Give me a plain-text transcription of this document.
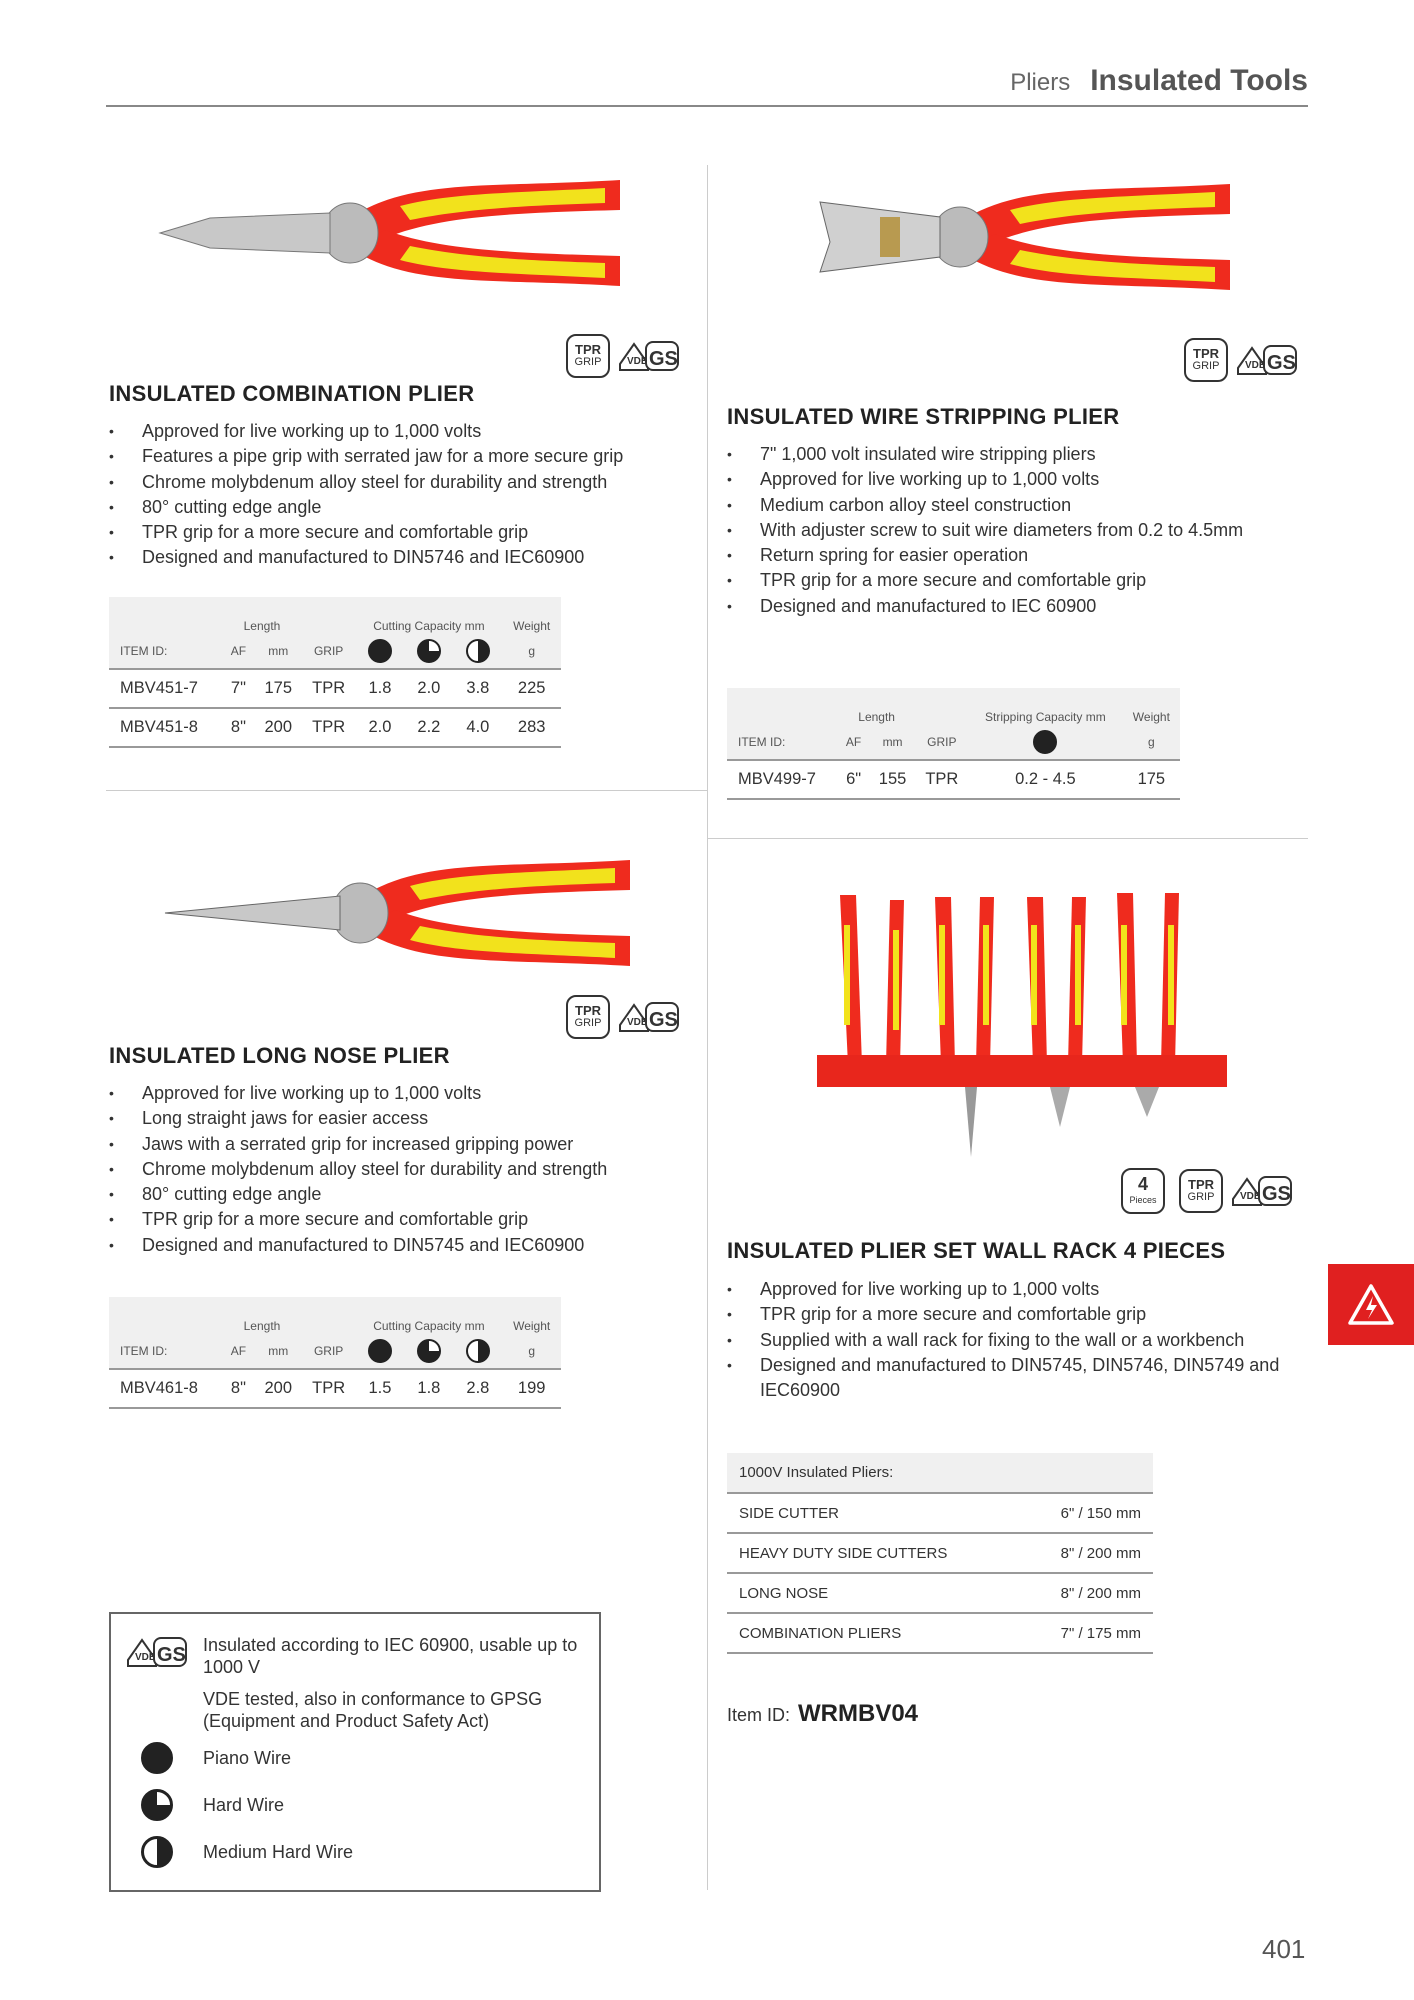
Pliers Insulated Tools
TPR
GRIP
INSULATED COMBINATION PLIER
• Approved for live working up to 1,000 volts
• Features a pipe grip with serrated jaw for a more secure grip
• Chrome molybdenum alloy steel for durability and strength
• 80° cutting edge angle
• TPR grip for a more secure and comfortable grip
• Designed and manufactured to DIN5746 and IEC60900
	Length			Cutting Capacity mm			Weight
ITEM ID:	AF	mm	GRIP				g
MBV451-7	7"	175	TPR	1.8	2.0	3.8	225
MBV451-8	8"	200	TPR	2.0	2.2	4.0	283
TPR
GRIP
INSULATED WIRE STRIPPING PLIER
• 7" 1,000 volt insulated wire stripping pliers
• Approved for live working up to 1,000 volts
• Medium carbon alloy steel construction
• With adjuster screw to suit wire diameters from 0.2 to 4.5mm
• Return spring for easier operation
• TPR grip for a more secure and comfortable grip
• Designed and manufactured to IEC 60900
	Length			Stripping Capacity mm	Weight
ITEM ID:	AF	mm	GRIP		g
MBV499-7	6"	155	TPR	0.2 - 4.5	175
TPR
GRIP
INSULATED LONG NOSE PLIER
• Approved for live working up to 1,000 volts
• Long straight jaws for easier access
• Jaws with a serrated grip for increased gripping power
• Chrome molybdenum alloy steel for durability and strength
• 80° cutting edge angle
• TPR grip for a more secure and comfortable grip
• Designed and manufactured to DIN5745 and IEC60900
	Length			Cutting Capacity mm			Weight
ITEM ID:	AF	mm	GRIP				g
MBV461-8	8"	200	TPR	1.5	1.8	2.8	199
Insulated according to IEC 60900, usable up to 1000 V
VDE tested, also in conformance to GPSG (Equipment and Product Safety Act)
Piano Wire
Hard Wire
Medium Hard Wire
4
Pieces
TPR
GRIP
INSULATED PLIER SET WALL RACK 4 PIECES
• Approved for live working up to 1,000 volts
• TPR grip for a more secure and comfortable grip
• Supplied with a wall rack for fixing to the wall or a workbench
• Designed and manufactured to DIN5745, DIN5746, DIN5749 and IEC60900
1000V Insulated Pliers:	
SIDE CUTTER	6" / 150 mm
HEAVY DUTY SIDE CUTTERS	8" / 200 mm
LONG NOSE	8" / 200 mm
COMBINATION PLIERS	7" / 175 mm
Item ID: WRMBV04
401
